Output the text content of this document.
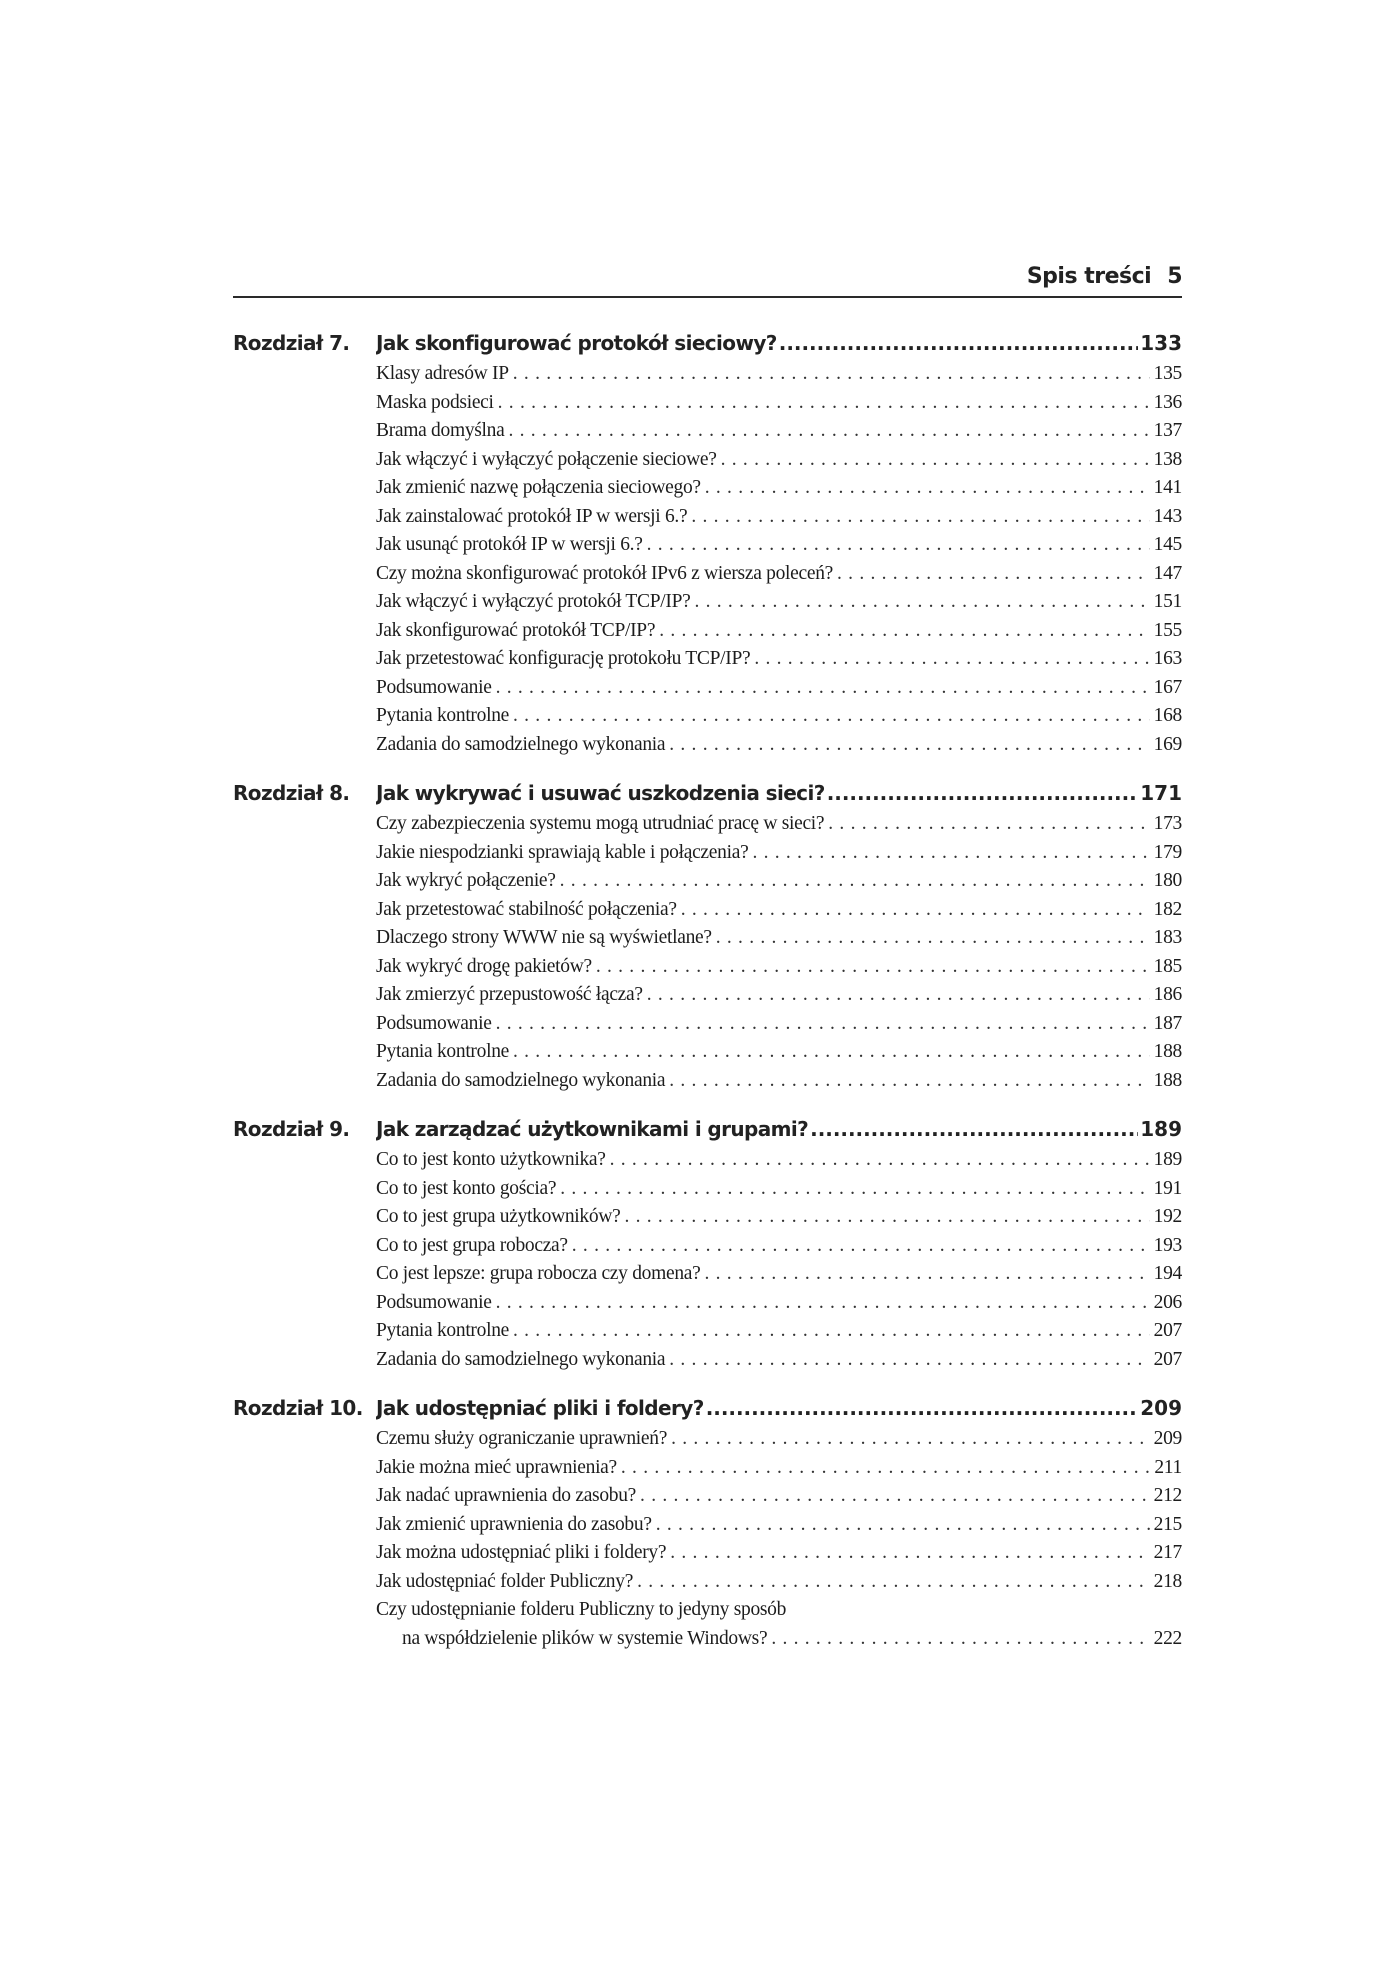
Spis treści 5
Rozdział 7.	Jak skonfigurować protokół sieciowy? . . .	133
Klasy adresów IP . . .	135
Maska podsieci . . .	136
Brama domyślna . . .	137
Jak włączyć i wyłączyć połączenie sieciowe? . . .	138
Jak zmienić nazwę połączenia sieciowego? . . .	141
Jak zainstalować protokół IP w wersji 6.? . . .	143
Jak usunąć protokół IP w wersji 6.? . . .	145
Czy można skonfigurować protokół IPv6 z wiersza poleceń? . . .	147
Jak włączyć i wyłączyć protokół TCP/IP? . . .	151
Jak skonfigurować protokół TCP/IP? . . .	155
Jak przetestować konfigurację protokołu TCP/IP? . . .	163
Podsumowanie . . .	167
Pytania kontrolne . . .	168
Zadania do samodzielnego wykonania . . .	169
Rozdział 8.	Jak wykrywać i usuwać uszkodzenia sieci? . . .	171
Czy zabezpieczenia systemu mogą utrudniać pracę w sieci? . . .	173
Jakie niespodzianki sprawiają kable i połączenia? . . .	179
Jak wykryć połączenie? . . .	180
Jak przetestować stabilność połączenia? . . .	182
Dlaczego strony WWW nie są wyświetlane? . . .	183
Jak wykryć drogę pakietów? . . .	185
Jak zmierzyć przepustowość łącza? . . .	186
Podsumowanie . . .	187
Pytania kontrolne . . .	188
Zadania do samodzielnego wykonania . . .	188
Rozdział 9.	Jak zarządzać użytkownikami i grupami? . . .	189
Co to jest konto użytkownika? . . .	189
Co to jest konto gościa? . . .	191
Co to jest grupa użytkowników? . . .	192
Co to jest grupa robocza? . . .	193
Co jest lepsze: grupa robocza czy domena? . . .	194
Podsumowanie . . .	206
Pytania kontrolne . . .	207
Zadania do samodzielnego wykonania . . .	207
Rozdział 10. Jak udostępniać pliki i foldery? . . .	209
Czemu służy ograniczanie uprawnień? . . .	209
Jakie można mieć uprawnienia? . . .	211
Jak nadać uprawnienia do zasobu? . . .	212
Jak zmienić uprawnienia do zasobu? . . .	215
Jak można udostępniać pliki i foldery? . . .	217
Jak udostępniać folder Publiczny? . . .	218
Czy udostępnianie folderu Publiczny to jedyny sposób
na współdzielenie plików w systemie Windows? . . .	222
